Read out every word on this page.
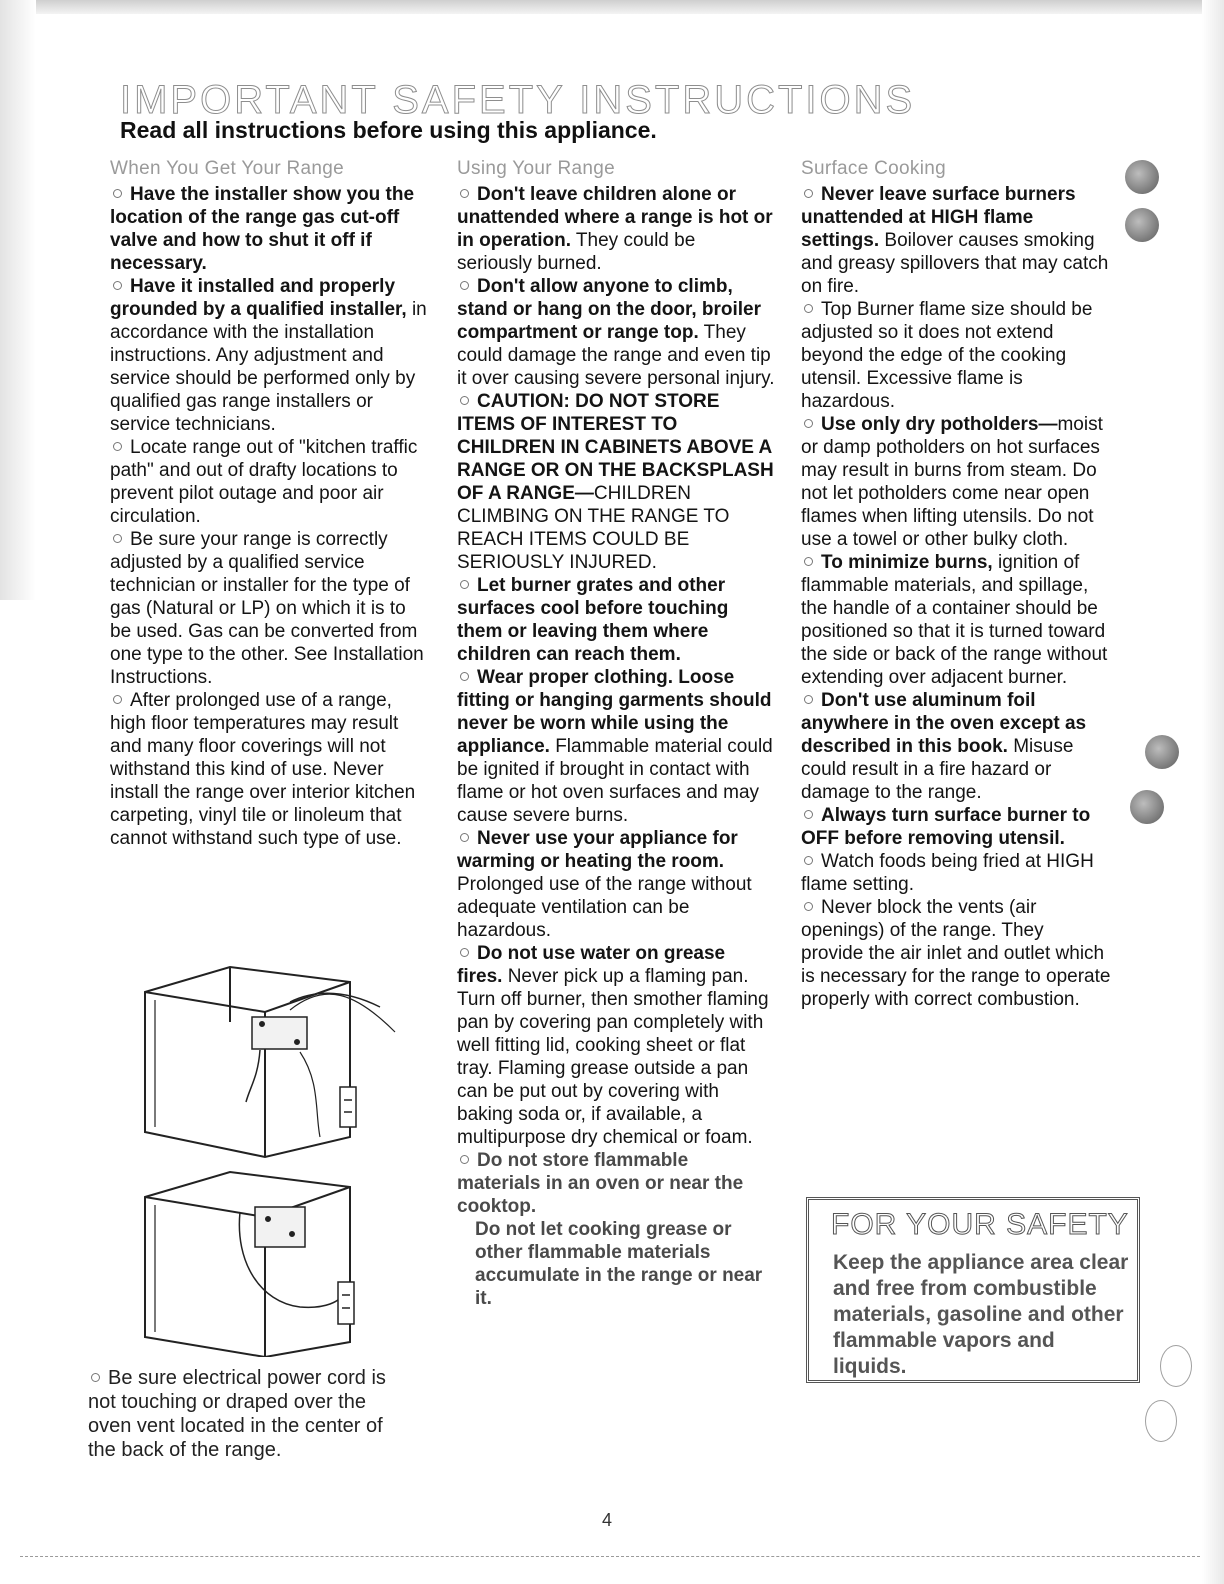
IMPORTANT SAFETY INSTRUCTIONS

Read all instructions before using this appliance.

When You Get Your Range

Have the installer show you the location of the range gas cut-off valve and how to shut it off if necessary.

Have it installed and properly grounded by a qualified installer, in accordance with the installation instructions. Any adjustment and service should be performed only by qualified gas range installers or service technicians.

Locate range out of "kitchen traffic path" and out of drafty locations to prevent pilot outage and poor air circulation.

Be sure your range is correctly adjusted by a qualified service technician or installer for the type of gas (Natural or LP) on which it is to be used. Gas can be converted from one type to the other. See Installation Instructions.

After prolonged use of a range, high floor temperatures may result and many floor coverings will not withstand this kind of use. Never install the range over interior kitchen carpeting, vinyl tile or linoleum that cannot withstand such type of use.

Be sure electrical power cord is not touching or draped over the oven vent located in the center of the back of the range.

Using Your Range

Don't leave children alone or unattended where a range is hot or in operation. They could be seriously burned.

Don't allow anyone to climb, stand or hang on the door, broiler compartment or range top. They could damage the range and even tip it over causing severe personal injury.

CAUTION: DO NOT STORE ITEMS OF INTEREST TO CHILDREN IN CABINETS ABOVE A RANGE OR ON THE BACKSPLASH OF A RANGE—CHILDREN CLIMBING ON THE RANGE TO REACH ITEMS COULD BE SERIOUSLY INJURED.

Let burner grates and other surfaces cool before touching them or leaving them where children can reach them.

Wear proper clothing. Loose fitting or hanging garments should never be worn while using the appliance. Flammable material could be ignited if brought in contact with flame or hot oven surfaces and may cause severe burns.

Never use your appliance for warming or heating the room. Prolonged use of the range without adequate ventilation can be hazardous.

Do not use water on grease fires. Never pick up a flaming pan. Turn off burner, then smother flaming pan by covering pan completely with well fitting lid, cooking sheet or flat tray. Flaming grease outside a pan can be put out by covering with baking soda or, if available, a multipurpose dry chemical or foam.

Do not store flammable materials in an oven or near the cooktop.

Do not let cooking grease or other flammable materials accumulate in the range or near it.

Surface Cooking

Never leave surface burners unattended at HIGH flame settings. Boilover causes smoking and greasy spillovers that may catch on fire.

Top Burner flame size should be adjusted so it does not extend beyond the edge of the cooking utensil. Excessive flame is hazardous.

Use only dry potholders—moist or damp potholders on hot surfaces may result in burns from steam. Do not let potholders come near open flames when lifting utensils. Do not use a towel or other bulky cloth.

To minimize burns, ignition of flammable materials, and spillage, the handle of a container should be positioned so that it is turned toward the side or back of the range without extending over adjacent burner.

Don't use aluminum foil anywhere in the oven except as described in this book. Misuse could result in a fire hazard or damage to the range.

Always turn surface burner to OFF before removing utensil.

Watch foods being fried at HIGH flame setting.

Never block the vents (air openings) of the range. They provide the air inlet and outlet which is necessary for the range to operate properly with correct combustion.

FOR YOUR SAFETY

Keep the appliance area clear and free from combustible materials, gasoline and other flammable vapors and liquids.

4
